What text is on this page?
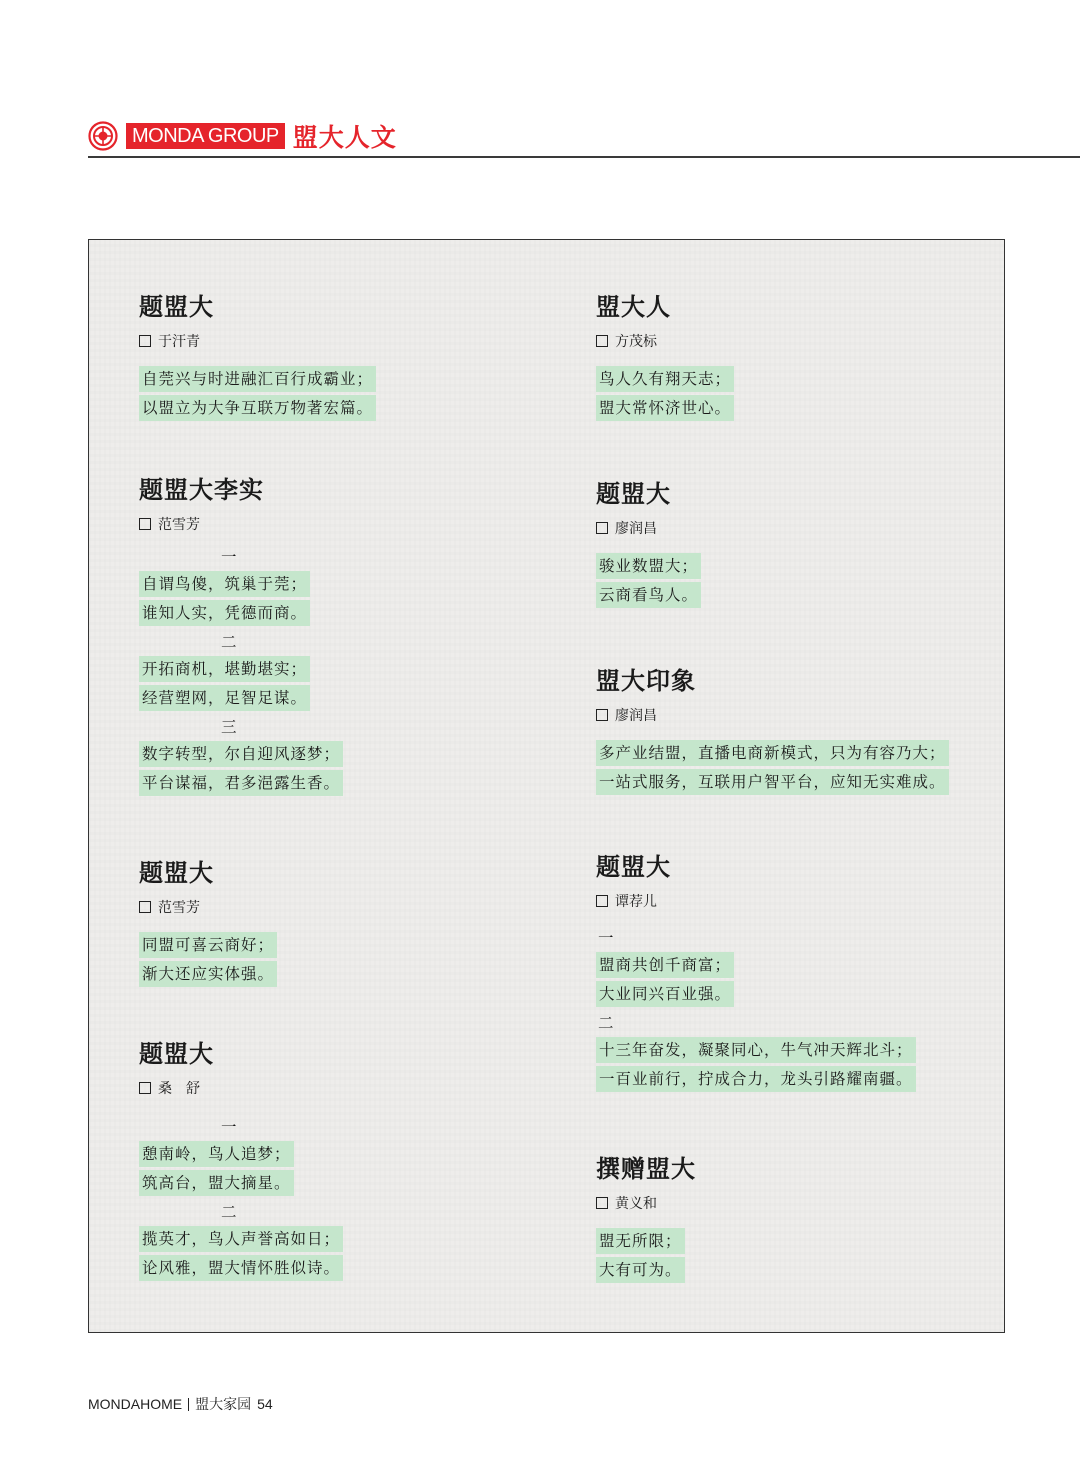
MONDA GROUP 盟大人文
题盟大
于汗青
自莞兴与时进融汇百行成霸业；
以盟立为大争互联万物著宏篇。
题盟大李实
范雪芳
一
自谓鸟傻，筑巢于莞；
谁知人实，凭德而商。
二
开拓商机，堪勤堪实；
经营塑网，足智足谋。
三
数字转型，尔自迎风逐梦；
平台谋福，君多浥露生香。
题盟大
范雪芳
同盟可喜云商好；
渐大还应实体强。
题盟大
桑　舒
一
憩南岭，鸟人追梦；
筑高台，盟大摘星。
二
揽英才，鸟人声誉高如日；
论风雅，盟大情怀胜似诗。
盟大人
方茂标
鸟人久有翔天志；
盟大常怀济世心。
题盟大
廖润昌
骏业数盟大；
云商看鸟人。
盟大印象
廖润昌
多产业结盟，直播电商新模式，只为有容乃大；
一站式服务，互联用户智平台，应知无实难成。
题盟大
谭荐儿
一
盟商共创千商富；
大业同兴百业强。
二
十三年奋发，凝聚同心，牛气冲天辉北斗；
一百业前行，拧成合力，龙头引路耀南疆。
撰赠盟大
黄义和
盟无所限；
大有可为。
MONDAHOME 盟大家园 54
